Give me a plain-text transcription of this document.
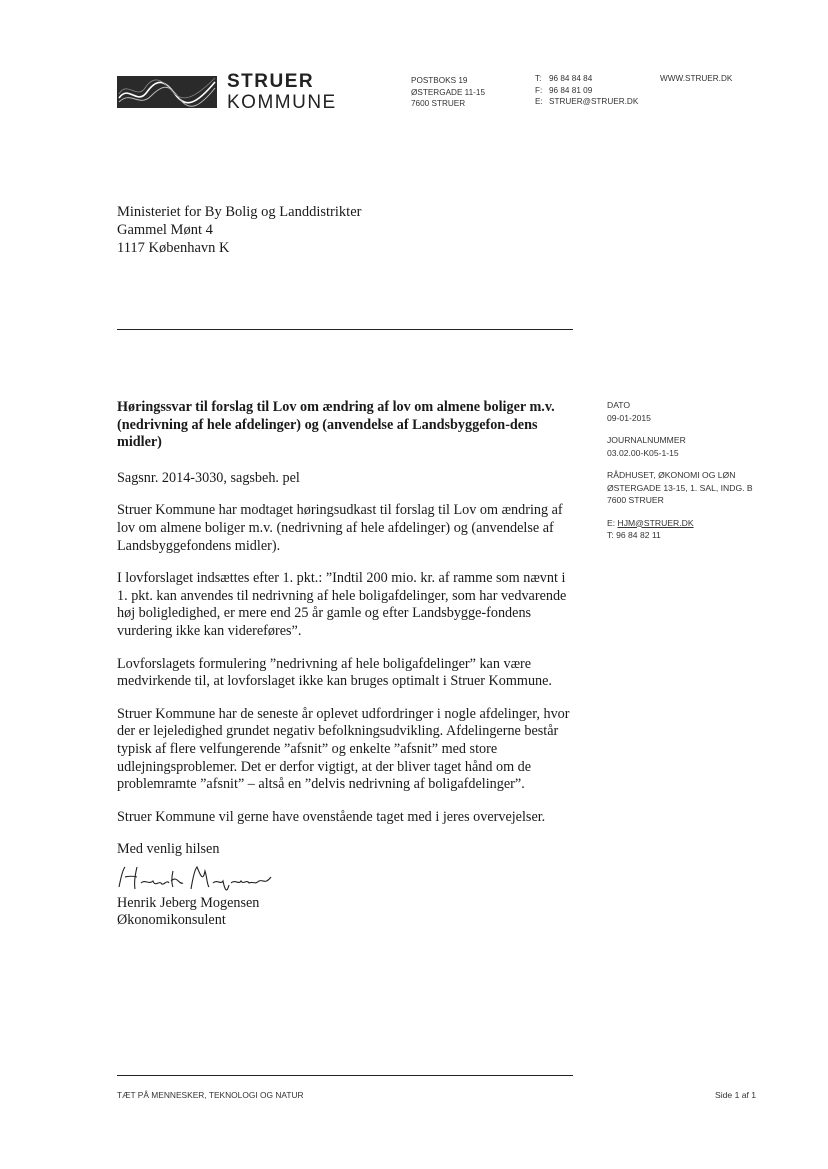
STRUER
KOMMUNE
POSTBOKS 19
ØSTERGADE 11-15
7600 STRUER
T: 96 84 84 84
F: 96 84 81 09
E: STRUER@STRUER.DK
WWW.STRUER.DK
Ministeriet for By Bolig og Landdistrikter
Gammel Mønt 4
1117 København K
DATO
09-01-2015
JOURNALNUMMER
03.02.00-K05-1-15
RÅDHUSET, ØKONOMI OG LØN
ØSTERGADE 13-15, 1. SAL, INDG. B
7600 STRUER
E: HJM@STRUER.DK
T: 96 84 82 11

Høringssvar til forslag til Lov om ændring af lov om almene boliger m.v. (nedrivning af hele afdelinger) og (anvendelse af Landsbyggefon-dens midler)

Sagsnr. 2014-3030, sagsbeh. pel

Struer Kommune har modtaget høringsudkast til forslag til Lov om ændring af lov om almene boliger m.v. (nedrivning af hele afdelinger) og (anvendelse af Landsbyggefondens midler).

I lovforslaget indsættes efter 1. pkt.: ”Indtil 200 mio. kr. af ramme som nævnt i 1. pkt. kan anvendes til nedrivning af hele boligafdelinger, som har vedvarende høj boligledighed, er mere end 25 år gamle og efter Landsbygge-fondens vurdering ikke kan videreføres”.

Lovforslagets formulering ”nedrivning af hele boligafdelinger” kan være medvirkende til, at lovforslaget ikke kan bruges optimalt i Struer Kommune.

Struer Kommune har de seneste år oplevet udfordringer i nogle afdelinger, hvor der er lejeledighed grundet negativ befolkningsudvikling. Afdelingerne består typisk af flere velfungerende ”afsnit” og enkelte ”afsnit” med store udlejningsproblemer. Det er derfor vigtigt, at der bliver taget hånd om de problemramte ”afsnit” – altså en ”delvis nedrivning af boligafdelinger”.

Struer Kommune vil gerne have ovenstående taget med i jeres overvejelser.

Med venlig hilsen
Henrik Jeberg Mogensen
Økonomikonsulent
TÆT PÅ MENNESKER, TEKNOLOGI OG NATUR	Side 1 af 1
